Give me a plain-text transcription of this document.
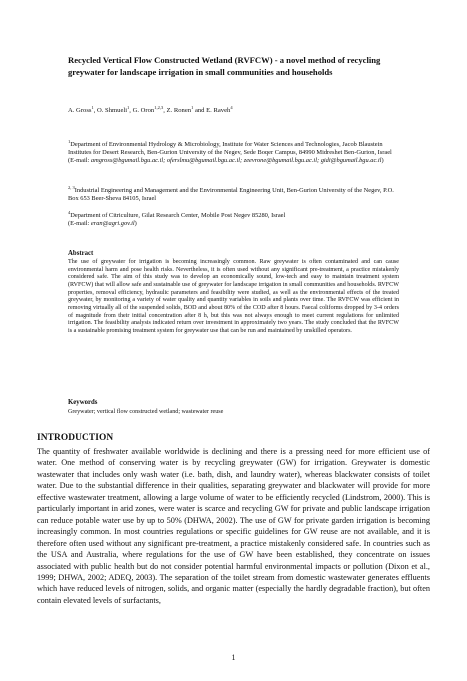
Recycled Vertical Flow Constructed Wetland (RVFCW) - a novel method of recycling greywater for landscape irrigation in small communities and households
A. Gross$^1$, O. Shmueli$^1$, G. Oron$^{1,2,3}$, Z. Ronen$^1$ and E. Raveh$^4$
$^1$Department of Environmental Hydrology & Microbiology, Institute for Water Sciences and Technologies, Jacob Blaustein Institutes for Desert Research, Ben-Gurion University of the Negev, Sede Boqer Campus, 84990 Midreshet Ben-Gurion, Israel
(E-mail: amgross@bgumail.bgu.ac.il; oferslmu@bgumail.bgu.ac.il; zeevrone@bgumail.bgu.ac.il; gidi@bgumail.bgu.ac.il)
$^{2, 3}$Industrial Engineering and Management and the Environmental Engineering Unit, Ben-Gurion University of the Negev, P.O. Box 653 Beer-Sheva 84105, Israel
$^4$Department of Citriculture, Gilat Research Center, Mobile Post Negev 85280, Israel
(E-mail: eran@agri.gov.il)
Abstract
The use of greywater for irrigation is becoming increasingly common. Raw greywater is often contaminated and can cause environmental harm and pose health risks. Nevertheless, it is often used without any significant pre-treatment, a practice mistakenly considered safe. The aim of this study was to develop an economically sound, low-tech and easy to maintain treatment system (RVFCW) that will allow safe and sustainable use of greywater for landscape irrigation in small communities and households. RVFCW properties, removal efficiency, hydraulic parameters and feasibility were studied, as well as the environmental effects of the treated greywater, by monitoring a variety of water quality and quantity variables in soils and plants over time. The RVFCW was efficient in removing virtually all of the suspended solids, BOD and about 80% of the COD after 8 hours. Faecal coliforms dropped by 3-4 orders of magnitude from their initial concentration after 8 h, but this was not always enough to meet current regulations for unlimited irrigation. The feasibility analysis indicated return over investment in approximately two years. The study concluded that the RVFCW is a sustainable promising treatment system for greywater use that can be run and maintained by unskilled operators.
Keywords
Greywater; vertical flow constructed wetland; wastewater reuse
INTRODUCTION
The quantity of freshwater available worldwide is declining and there is a pressing need for more efficient use of water. One method of conserving water is by recycling greywater (GW) for irrigation. Greywater is domestic wastewater that includes only wash water (i.e. bath, dish, and laundry water), whereas blackwater consists of toilet water. Due to the substantial difference in their qualities, separating greywater and blackwater will provide for more effective wastewater treatment, allowing a large volume of water to be efficiently recycled (Lindstrom, 2000). This is particularly important in arid zones, were water is scarce and recycling GW for private and public landscape irrigation can reduce potable water use by up to 50% (DHWA, 2002). The use of GW for private garden irrigation is becoming increasingly common. In most countries regulations or specific guidelines for GW reuse are not available, and it is therefore often used without any significant pre-treatment, a practice mistakenly considered safe. In countries such as the USA and Australia, where regulations for the use of GW have been established, they concentrate on issues associated with public health but do not consider potential harmful environmental impacts or pollution (Dixon et al., 1999; DHWA, 2002; ADEQ, 2003). The separation of the toilet stream from domestic wastewater generates effluents which have reduced levels of nitrogen, solids, and organic matter (especially the hardly degradable fraction), but often contain elevated levels of surfactants,
1
